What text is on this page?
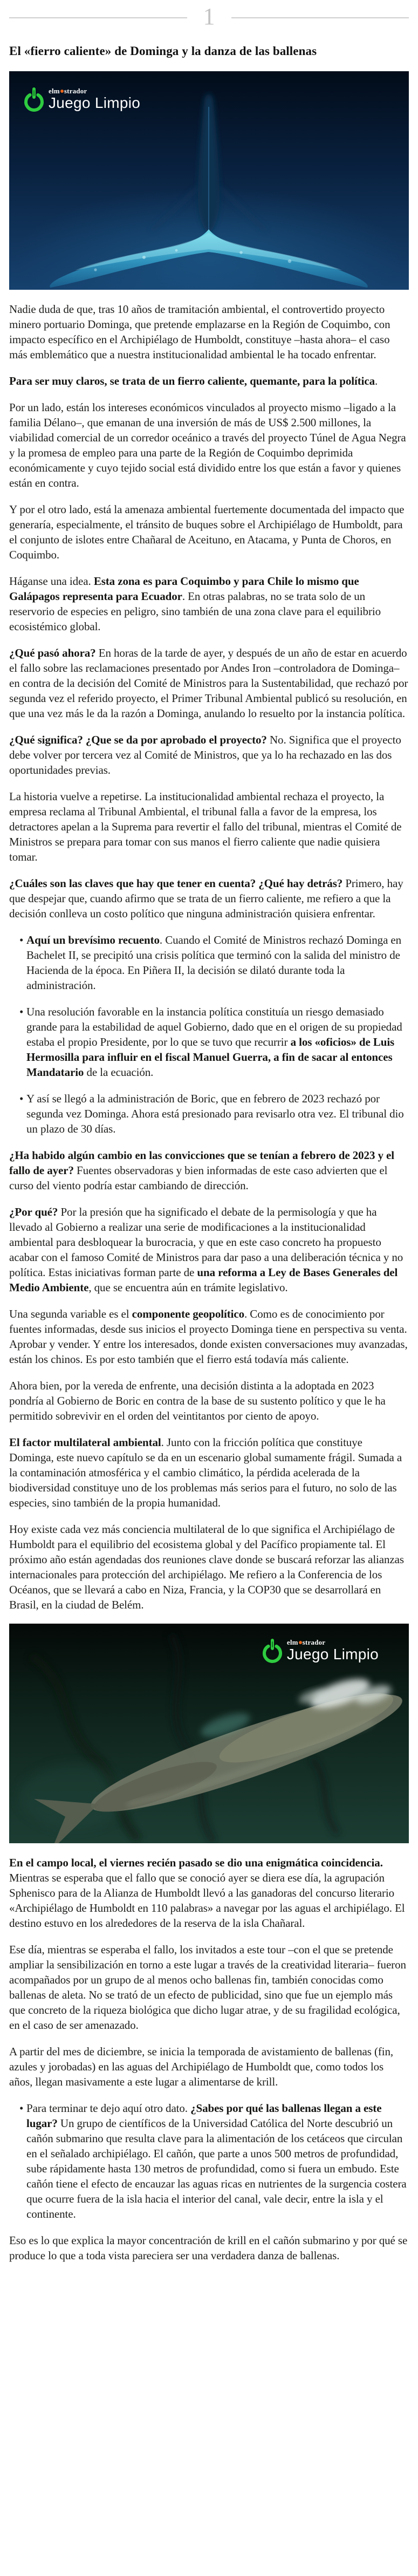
1
El «fierro caliente» de Dominga y la danza de las ballenas
elm strador
Juego Limpio

Nadie duda de que, tras 10 años de tramitación ambiental, el controvertido proyecto minero portuario Dominga, que pretende emplazarse en la Región de Coquimbo, con impacto específico en el Archipiélago de Humboldt, constituye –hasta ahora– el caso más emblemático que a nuestra institucionalidad ambiental le ha tocado enfrentar.

Para ser muy claros, se trata de un fierro caliente, quemante, para la política.

Por un lado, están los intereses económicos vinculados al proyecto mismo –ligado a la familia Délano–, que emanan de una inversión de más de US$ 2.500 millones, la viabilidad comercial de un corredor oceánico a través del proyecto Túnel de Agua Negra y la promesa de empleo para una parte de la Región de Coquimbo deprimida económicamente y cuyo tejido social está dividido entre los que están a favor y quienes están en contra.

Y por el otro lado, está la amenaza ambiental fuertemente documentada del impacto que generaría, especialmente, el tránsito de buques sobre el Archipiélago de Humboldt, para el conjunto de islotes entre Chañaral de Aceituno, en Atacama, y Punta de Choros, en Coquimbo.

Háganse una idea. Esta zona es para Coquimbo y para Chile lo mismo que Galápagos representa para Ecuador. En otras palabras, no se trata solo de un reservorio de especies en peligro, sino también de una zona clave para el equilibrio ecosistémico global.

¿Qué pasó ahora? En horas de la tarde de ayer, y después de un año de estar en acuerdo el fallo sobre las reclamaciones presentado por Andes Iron –controladora de Dominga– en contra de la decisión del Comité de Ministros para la Sustentabilidad, que rechazó por segunda vez el referido proyecto, el Primer Tribunal Ambiental publicó su resolución, en que una vez más le da la razón a Dominga, anulando lo resuelto por la instancia política.

¿Qué significa? ¿Que se da por aprobado el proyecto? No. Significa que el proyecto debe volver por tercera vez al Comité de Ministros, que ya lo ha rechazado en las dos oportunidades previas.

La historia vuelve a repetirse. La institucionalidad ambiental rechaza el proyecto, la empresa reclama al Tribunal Ambiental, el tribunal falla a favor de la empresa, los detractores apelan a la Suprema para revertir el fallo del tribunal, mientras el Comité de Ministros se prepara para tomar con sus manos el fierro caliente que nadie quisiera tomar.

¿Cuáles son las claves que hay que tener en cuenta? ¿Qué hay detrás? Primero, hay que despejar que, cuando afirmo que se trata de un fierro caliente, me refiero a que la decisión conlleva un costo político que ninguna administración quisiera enfrentar.

• Aquí un brevísimo recuento. Cuando el Comité de Ministros rechazó Dominga en Bachelet II, se precipitó una crisis política que terminó con la salida del ministro de Hacienda de la época. En Piñera II, la decisión se dilató durante toda la administración.
• Una resolución favorable en la instancia política constituía un riesgo demasiado grande para la estabilidad de aquel Gobierno, dado que en el origen de su propiedad estaba el propio Presidente, por lo que se tuvo que recurrir a los «oficios» de Luis Hermosilla para influir en el fiscal Manuel Guerra, a fin de sacar al entonces Mandatario de la ecuación.
• Y así se llegó a la administración de Boric, que en febrero de 2023 rechazó por segunda vez Dominga. Ahora está presionado para revisarlo otra vez. El tribunal dio un plazo de 30 días.

¿Ha habido algún cambio en las convicciones que se tenían a febrero de 2023 y el fallo de ayer? Fuentes observadoras y bien informadas de este caso advierten que el curso del viento podría estar cambiando de dirección.

¿Por qué? Por la presión que ha significado el debate de la permisología y que ha llevado al Gobierno a realizar una serie de modificaciones a la institucionalidad ambiental para desbloquear la burocracia, y que en este caso concreto ha propuesto acabar con el famoso Comité de Ministros para dar paso a una deliberación técnica y no política. Estas iniciativas forman parte de una reforma a Ley de Bases Generales del Medio Ambiente, que se encuentra aún en trámite legislativo.

Una segunda variable es el componente geopolítico. Como es de conocimiento por fuentes informadas, desde sus inicios el proyecto Dominga tiene en perspectiva su venta. Aprobar y vender. Y entre los interesados, donde existen conversaciones muy avanzadas, están los chinos. Es por esto también que el fierro está todavía más caliente.

Ahora bien, por la vereda de enfrente, una decisión distinta a la adoptada en 2023 pondría al Gobierno de Boric en contra de la base de su sustento político y que le ha permitido sobrevivir en el orden del veintitantos por ciento de apoyo.

El factor multilateral ambiental. Junto con la fricción política que constituye Dominga, este nuevo capítulo se da en un escenario global sumamente frágil. Sumada a la contaminación atmosférica y el cambio climático, la pérdida acelerada de la biodiversidad constituye uno de los problemas más serios para el futuro, no solo de las especies, sino también de la propia humanidad.

Hoy existe cada vez más conciencia multilateral de lo que significa el Archipiélago de Humboldt para el equilibrio del ecosistema global y del Pacífico propiamente tal. El próximo año están agendadas dos reuniones clave donde se buscará reforzar las alianzas internacionales para protección del archipiélago. Me refiero a la Conferencia de los Océanos, que se llevará a cabo en Niza, Francia, y la COP30 que se desarrollará en Brasil, en la ciudad de Belém.

elm strador
Juego Limpio

En el campo local, el viernes recién pasado se dio una enigmática coincidencia. Mientras se esperaba que el fallo que se conoció ayer se diera ese día, la agrupación Sphenisco para de la Alianza de Humboldt llevó a las ganadoras del concurso literario «Archipiélago de Humboldt en 110 palabras» a navegar por las aguas el archipiélago. El destino estuvo en los alrededores de la reserva de la isla Chañaral.

Ese día, mientras se esperaba el fallo, los invitados a este tour –con el que se pretende ampliar la sensibilización en torno a este lugar a través de la creatividad literaria– fueron acompañados por un grupo de al menos ocho ballenas fin, también conocidas como ballenas de aleta. No se trató de un efecto de publicidad, sino que fue un ejemplo más que concreto de la riqueza biológica que dicho lugar atrae, y de su fragilidad ecológica, en el caso de ser amenazado.

A partir del mes de diciembre, se inicia la temporada de avistamiento de ballenas (fin, azules y jorobadas) en las aguas del Archipiélago de Humboldt que, como todos los años, llegan masivamente a este lugar a alimentarse de krill.

• Para terminar te dejo aquí otro dato. ¿Sabes por qué las ballenas llegan a este lugar? Un grupo de científicos de la Universidad Católica del Norte descubrió un cañón submarino que resulta clave para la alimentación de los cetáceos que circulan en el señalado archipiélago. El cañón, que parte a unos 500 metros de profundidad, sube rápidamente hasta 130 metros de profundidad, como si fuera un embudo. Este cañón tiene el efecto de encauzar las aguas ricas en nutrientes de la surgencia costera que ocurre fuera de la isla hacia el interior del canal, vale decir, entre la isla y el continente.

Eso es lo que explica la mayor concentración de krill en el cañón submarino y por qué se produce lo que a toda vista pareciera ser una verdadera danza de ballenas.
